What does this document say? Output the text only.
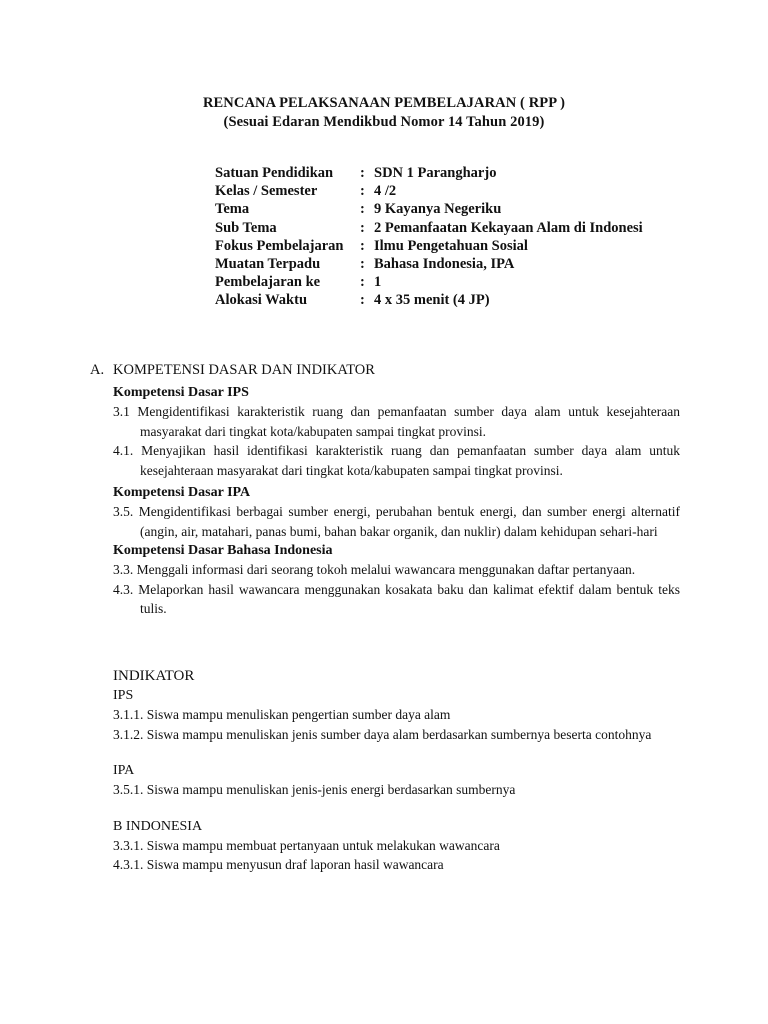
RENCANA PELAKSANAAN PEMBELAJARAN ( RPP )
(Sesuai Edaran Mendikbud Nomor 14 Tahun 2019)
Satuan Pendidikan	: SDN 1 Parangharjo
Kelas / Semester	: 4 /2
Tema	: 9 Kayanya Negeriku
Sub Tema	: 2 Pemanfaatan Kekayaan Alam di Indonesi
Fokus Pembelajaran	: Ilmu Pengetahuan Sosial
Muatan Terpadu	: Bahasa Indonesia, IPA
Pembelajaran ke	: 1
Alokasi Waktu	: 4 x 35 menit (4 JP)
A. KOMPETENSI DASAR DAN INDIKATOR
Kompetensi Dasar IPS
3.1 Mengidentifikasi karakteristik ruang dan pemanfaatan sumber daya alam untuk kesejahteraan masyarakat dari tingkat kota/kabupaten sampai tingkat provinsi.
4.1. Menyajikan hasil identifikasi karakteristik ruang dan pemanfaatan sumber daya alam untuk kesejahteraan masyarakat dari tingkat kota/kabupaten sampai tingkat provinsi.
Kompetensi Dasar IPA
3.5. Mengidentifikasi berbagai sumber energi, perubahan bentuk energi, dan sumber energi alternatif (angin, air, matahari, panas bumi, bahan bakar organik, dan nuklir) dalam kehidupan sehari-hari
Kompetensi Dasar Bahasa Indonesia
3.3. Menggali informasi dari seorang tokoh melalui wawancara menggunakan daftar pertanyaan.
4.3. Melaporkan hasil wawancara menggunakan kosakata baku dan kalimat efektif dalam bentuk teks tulis.
INDIKATOR
IPS
3.1.1. Siswa mampu menuliskan pengertian sumber daya alam
3.1.2. Siswa mampu menuliskan jenis sumber daya alam berdasarkan sumbernya beserta contohnya
IPA
3.5.1. Siswa mampu menuliskan jenis-jenis energi berdasarkan sumbernya
B INDONESIA
3.3.1. Siswa mampu membuat pertanyaan untuk melakukan wawancara
4.3.1. Siswa mampu menyusun draf laporan hasil wawancara
